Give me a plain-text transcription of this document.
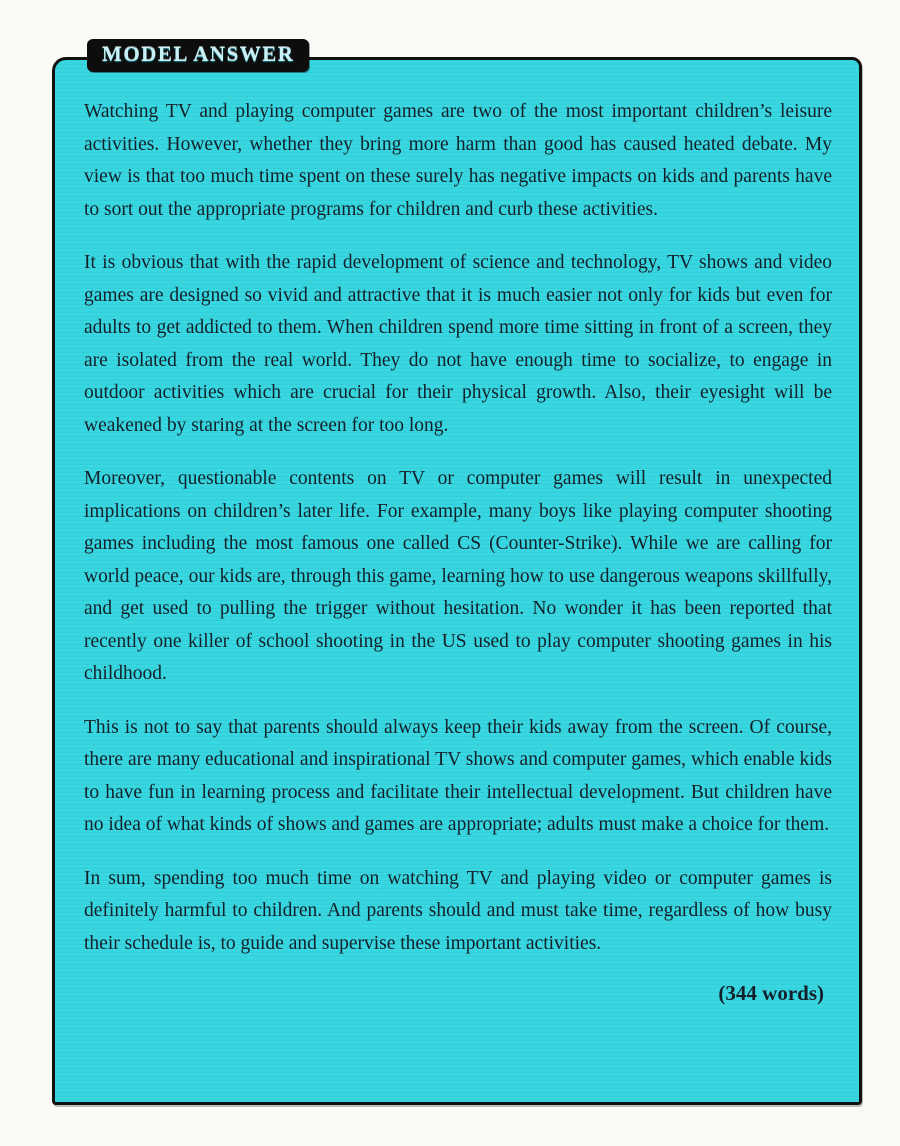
MODEL ANSWER

Watching TV and playing computer games are two of the most important children’s leisure activities. However, whether they bring more harm than good has caused heated debate. My view is that too much time spent on these surely has negative impacts on kids and parents have to sort out the appropriate programs for children and curb these activities.

It is obvious that with the rapid development of science and technology, TV shows and video games are designed so vivid and attractive that it is much easier not only for kids but even for adults to get addicted to them. When children spend more time sitting in front of a screen, they are isolated from the real world. They do not have enough time to socialize, to engage in outdoor activities which are crucial for their physical growth. Also, their eyesight will be weakened by staring at the screen for too long.

Moreover, questionable contents on TV or computer games will result in unexpected implications on children’s later life. For example, many boys like playing computer shooting games including the most famous one called CS (Counter-Strike). While we are calling for world peace, our kids are, through this game, learning how to use dangerous weapons skillfully, and get used to pulling the trigger without hesitation. No wonder it has been reported that recently one killer of school shooting in the US used to play computer shooting games in his childhood.

This is not to say that parents should always keep their kids away from the screen. Of course, there are many educational and inspirational TV shows and computer games, which enable kids to have fun in learning process and facilitate their intellectual development. But children have no idea of what kinds of shows and games are appropriate; adults must make a choice for them.

In sum, spending too much time on watching TV and playing video or computer games is definitely harmful to children. And parents should and must take time, regardless of how busy their schedule is, to guide and supervise these important activities.

(344 words)
